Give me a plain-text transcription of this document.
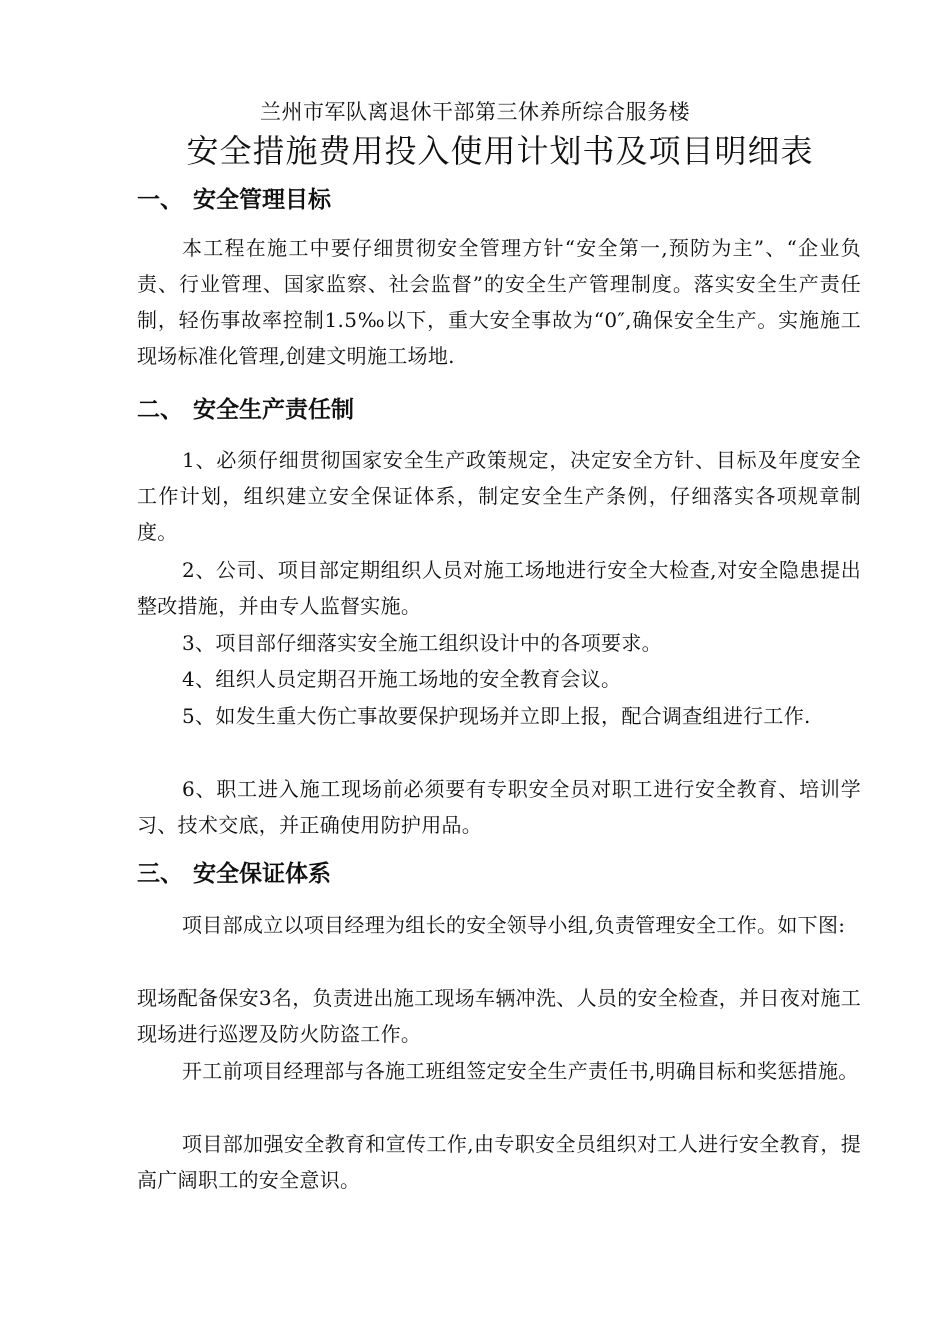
兰州市军队离退休干部第三休养所综合服务楼
安全措施费用投入使用计划书及项目明细表
一、 安全管理目标
本工程在施工中要仔细贯彻安全管理方针“安全第一,预防为主”、“企业负责、行业管理、国家监察、社会监督”的安全生产管理制度。落实安全生产责任制，轻伤事故率控制1.5‰以下，重大安全事故为“0″,确保安全生产。实施施工现场标准化管理,创建文明施工场地.
二、 安全生产责任制
1、必须仔细贯彻国家安全生产政策规定，决定安全方针、目标及年度安全工作计划，组织建立安全保证体系，制定安全生产条例，仔细落实各项规章制度。
2、公司、项目部定期组织人员对施工场地进行安全大检查,对安全隐患提出整改措施，并由专人监督实施。
3、项目部仔细落实安全施工组织设计中的各项要求。
4、组织人员定期召开施工场地的安全教育会议。
5、如发生重大伤亡事故要保护现场并立即上报，配合调查组进行工作.
6、职工进入施工现场前必须要有专职安全员对职工进行安全教育、培训学习、技术交底，并正确使用防护用品。
三、 安全保证体系
项目部成立以项目经理为组长的安全领导小组,负责管理安全工作。如下图:
现场配备保安3名，负责进出施工现场车辆冲洗、人员的安全检查，并日夜对施工现场进行巡逻及防火防盗工作。
开工前项目经理部与各施工班组签定安全生产责任书,明确目标和奖惩措施。
项目部加强安全教育和宣传工作,由专职安全员组织对工人进行安全教育，提高广阔职工的安全意识。
